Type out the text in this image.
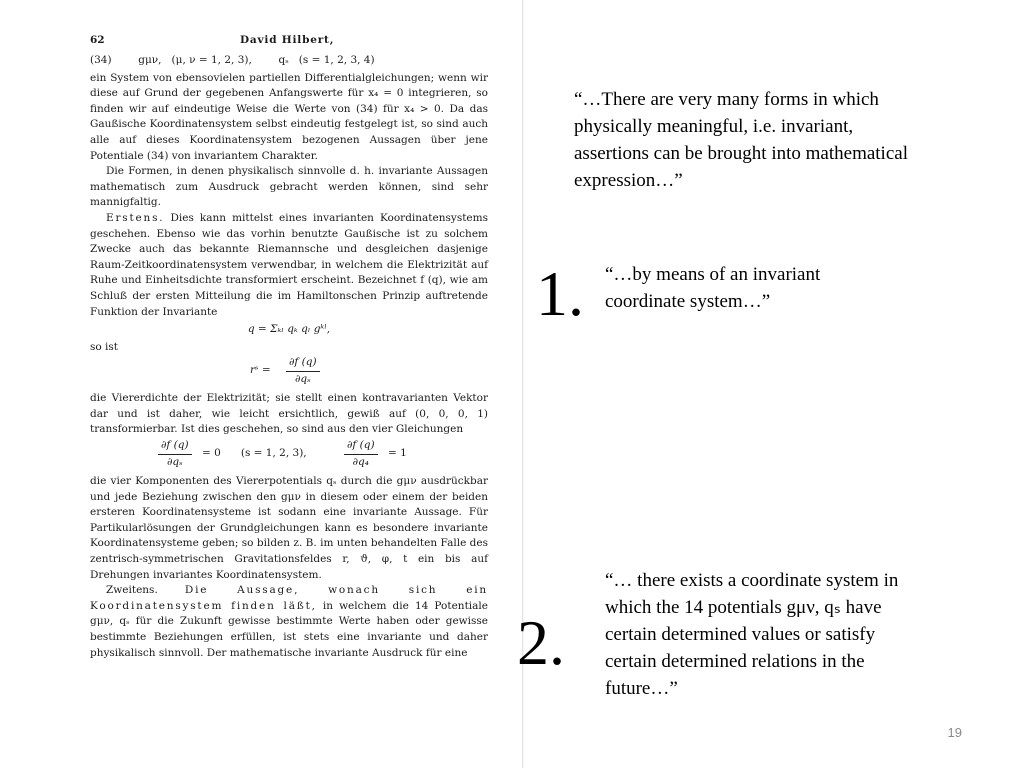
62	David Hilbert,
(34)        gμν,   (μ, ν = 1, 2, 3),        qₛ   (s = 1, 2, 3, 4)

ein System von ebensovielen partiellen Differentialgleichungen; wenn wir diese auf Grund der gegebenen Anfangswerte für x₄ = 0 integrieren, so finden wir auf eindeutige Weise die Werte von (34) für x₄ > 0. Da das Gaußische Koordinatensystem selbst eindeutig festgelegt ist, so sind auch alle auf dieses Koordinatensystem bezogenen Aussagen über jene Potentiale (34) von invariantem Charakter.

Die Formen, in denen physikalisch sinnvolle d. h. invariante Aussagen mathematisch zum Ausdruck gebracht werden können, sind sehr mannigfaltig.

Erstens. Dies kann mittelst eines invarianten Koordinatensystems geschehen. Ebenso wie das vorhin benutzte Gaußische ist zu solchem Zwecke auch das bekannte Riemannsche und desgleichen dasjenige Raum-Zeitkoordinatensystem verwendbar, in welchem die Elektrizität auf Ruhe und Einheitsdichte transformiert erscheint. Bezeichnet f (q), wie am Schluß der ersten Mitteilung die im Hamiltonschen Prinzip auftretende Funktion der Invariante

q = Σₖₗ qₖ qₗ gᵏˡ,

so ist

rˢ = $\frac{\partial f (q)}{\text{∂qₛ}}$

die Viererdichte der Elektrizität; sie stellt einen kontravarianten Vektor dar und ist daher, wie leicht ersichtlich, gewiß auf (0, 0, 0, 1) transformierbar. Ist dies geschehen, so sind aus den vier Gleichungen

$\frac{\partial f (q)}{\text{∂qₛ}} = 0$      (s = 1, 2, 3),	$\frac{\partial f (q)}{\text{∂q₄}} = 1$

die vier Komponenten des Viererpotentials qₛ durch die gμν ausdrückbar und jede Beziehung zwischen den gμν in diesem oder einem der beiden ersteren Koordinatensysteme ist sodann eine invariante Aussage. Für Partikularlösungen der Grundgleichungen kann es besondere invariante Koordinatensysteme geben; so bilden z. B. im unten behandelten Falle des zentrisch-symmetrischen Gravitationsfeldes r, ϑ, φ, t ein bis auf Drehungen invariantes Koordinatensystem.

Zweitens.	Die Aussage, wonach sich ein Koordinatensystem finden läßt, in welchem die 14 Potentiale gμν, qₛ für die Zukunft gewisse bestimmte Werte haben oder gewisse bestimmte Beziehungen erfüllen, ist stets eine invariante und daher physikalisch sinnvoll. Der mathematische invariante Ausdruck für eine

“…There are very many forms in which physically meaningful, i.e. invariant, assertions can be brought into mathematical expression…”
1. “…by means of an invariant coordinate system…”
2.
“… there exists a coordinate system in which the 14 potentials gμν, qₛ have certain determined values or satisfy certain determined relations in the future…”
19
